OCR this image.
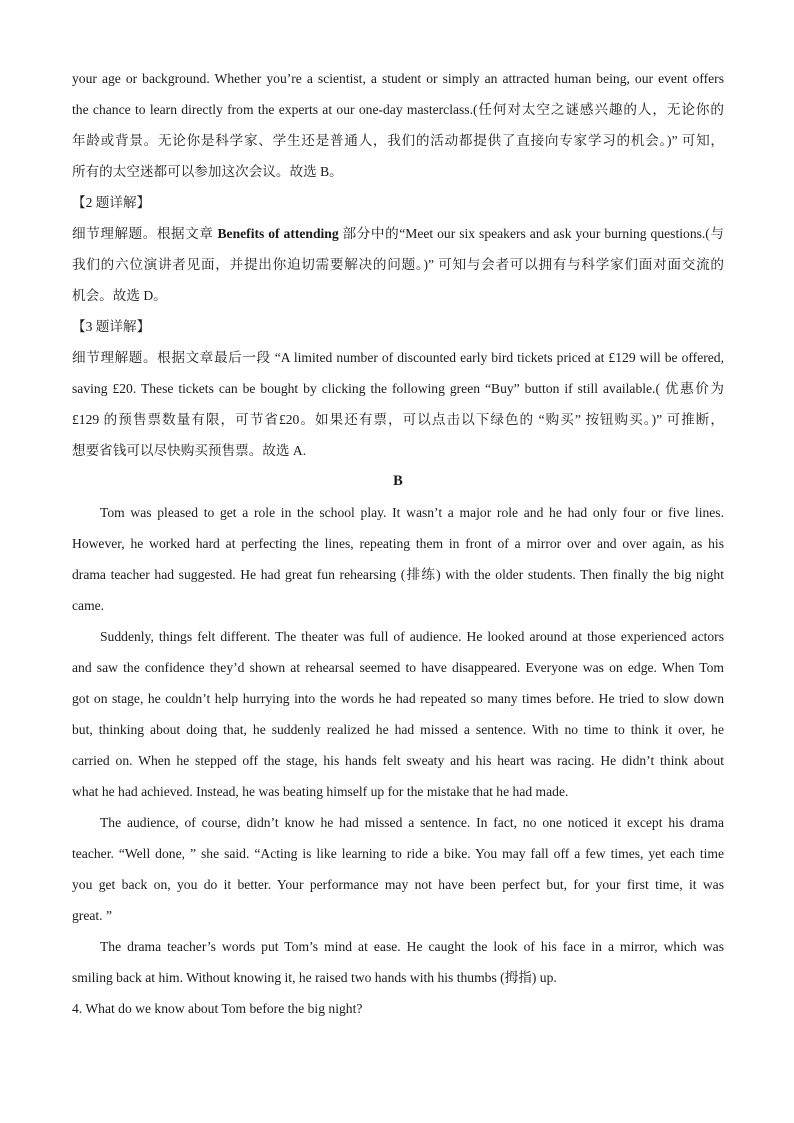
your age or background. Whether you’re a scientist, a student or simply an attracted human being, our event offers
the chance to learn directly from the experts at our one-day masterclass.(任何对太空之谜感兴趣的人，无论你的
年龄或背景。无论你是科学家、学生还是普通人，我们的活动都提供了直接向专家学习的机会。)” 可知，
所有的太空迷都可以参加这次会议。故选 B。
【2 题详解】
细节理解题。根据文章 Benefits of attending 部分中的“Meet our six speakers and ask your burning questions.(与
我们的六位演讲者见面，并提出你迫切需要解决的问题。)” 可知与会者可以拥有与科学家们面对面交流的
机会。故选 D。
【3 题详解】
细节理解题。根据文章最后一段 “A limited number of discounted early bird tickets priced at £129 will be offered,
saving £20. These tickets can be bought by clicking the following green “Buy” button if still available.( 优惠价为
£129 的预售票数量有限，可节省£20。如果还有票，可以点击以下绿色的 “购买” 按钮购买。)” 可推断，
想要省钱可以尽快购买预售票。故选 A.
B
Tom was pleased to get a role in the school play. It wasn’t a major role and he had only four or five lines.
However, he worked hard at perfecting the lines, repeating them in front of a mirror over and over again, as his
drama teacher had suggested. He had great fun rehearsing (排练) with the older students. Then finally the big night
came.
Suddenly, things felt different. The theater was full of audience. He looked around at those experienced actors
and saw the confidence they’d shown at rehearsal seemed to have disappeared. Everyone was on edge. When Tom
got on stage, he couldn’t help hurrying into the words he had repeated so many times before. He tried to slow down
but, thinking about doing that, he suddenly realized he had missed a sentence. With no time to think it over, he
carried on. When he stepped off the stage, his hands felt sweaty and his heart was racing. He didn’t think about
what he had achieved. Instead, he was beating himself up for the mistake that he had made.
The audience, of course, didn’t know he had missed a sentence. In fact, no one noticed it except his drama
teacher. “Well done, ” she said. “Acting is like learning to ride a bike. You may fall off a few times, yet each time
you get back on, you do it better. Your performance may not have been perfect but, for your first time, it was
great. ”
The drama teacher’s words put Tom’s mind at ease. He caught the look of his face in a mirror, which was
smiling back at him. Without knowing it, he raised two hands with his thumbs (拇指) up.
4. What do we know about Tom before the big night?
